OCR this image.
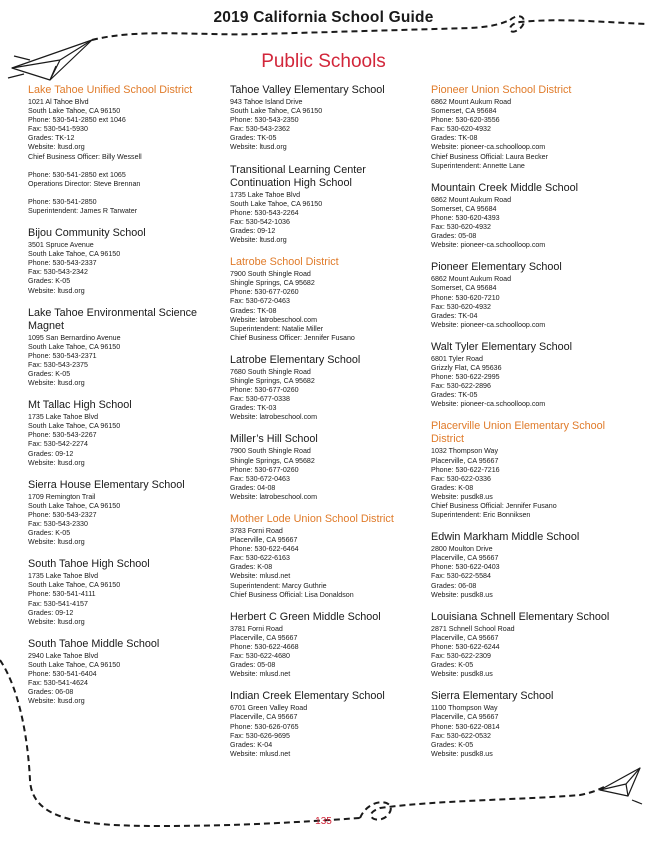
2019 California School Guide
Public Schools
Lake Tahoe Unified School District
1021 Al Tahoe Blvd
South Lake Tahoe, CA 96150
Phone: 530-541-2850 ext 1046
Fax: 530-541-5930
Grades: TK-12
Website: ltusd.org
Chief Business Officer: Billy Wessell
Phone: 530-541-2850 ext 1065
Operations Director: Steve Brennan
Phone: 530-541-2850
Superintendent: James R Tarwater
Bijou Community School
3501 Spruce Avenue
South Lake Tahoe, CA 96150
Phone: 530-543-2337
Fax: 530-543-2342
Grades: K-05
Website: ltusd.org
Lake Tahoe Environmental Science Magnet
1095 San Bernardino Avenue
South Lake Tahoe, CA 96150
Phone: 530-543-2371
Fax: 530-543-2375
Grades: K-05
Website: ltusd.org
Mt Tallac High School
1735 Lake Tahoe Blvd
South Lake Tahoe, CA 96150
Phone: 530-543-2267
Fax: 530-542-2274
Grades: 09-12
Website: ltusd.org
Sierra House Elementary School
1709 Remington Trail
South Lake Tahoe, CA 96150
Phone: 530-543-2327
Fax: 530-543-2330
Grades: K-05
Website: ltusd.org
South Tahoe High School
1735 Lake Tahoe Blvd
South Lake Tahoe, CA 96150
Phone: 530-541-4111
Fax: 530-541-4157
Grades: 09-12
Website: ltusd.org
South Tahoe Middle School
2940 Lake Tahoe Blvd
South Lake Tahoe, CA 96150
Phone: 530-541-6404
Fax: 530-541-4624
Grades: 06-08
Website: ltusd.org
Tahoe Valley Elementary School
943 Tahoe Island Drive
South Lake Tahoe, CA 96150
Phone: 530-543-2350
Fax: 530-543-2362
Grades: TK-05
Website: ltusd.org
Transitional Learning Center Continuation High School
1735 Lake Tahoe Blvd
South Lake Tahoe, CA 96150
Phone: 530-543-2264
Fax: 530-542-1036
Grades: 09-12
Website: ltusd.org
Latrobe School District
7900 South Shingle Road
Shingle Springs, CA 95682
Phone: 530-677-0260
Fax: 530-672-0463
Grades: TK-08
Website: latrobeschool.com
Superintendent: Natalie Miller
Chief Business Officer: Jennifer Fusano
Latrobe Elementary School
7680 South Shingle Road
Shingle Springs, CA 95682
Phone: 530-677-0260
Fax: 530-677-0338
Grades: TK-03
Website: latrobeschool.com
Miller’s Hill School
7900 South Shingle Road
Shingle Springs, CA 95682
Phone: 530-677-0260
Fax: 530-672-0463
Grades: 04-08
Website: latrobeschool.com
Mother Lode Union School District
3783 Forni Road
Placerville, CA 95667
Phone: 530-622-6464
Fax: 530-622-6163
Grades: K-08
Website: mlusd.net
Superintendent: Marcy Guthrie
Chief Business Official: Lisa Donaldson
Herbert C Green Middle School
3781 Forni Road
Placerville, CA 95667
Phone: 530-622-4668
Fax: 530-622-4680
Grades: 05-08
Website: mlusd.net
Indian Creek Elementary School
6701 Green Valley Road
Placerville, CA 95667
Phone: 530-626-0765
Fax: 530-626-9695
Grades: K-04
Website: mlusd.net
Pioneer Union School District
6862 Mount Aukum Road
Somerset, CA 95684
Phone: 530-620-3556
Fax: 530-620-4932
Grades: TK-08
Website: pioneer-ca.schoolloop.com
Chief Business Official: Laura Becker
Superintendent: Annette Lane
Mountain Creek Middle School
6862 Mount Aukum Road
Somerset, CA 95684
Phone: 530-620-4393
Fax: 530-620-4932
Grades: 05-08
Website: pioneer-ca.schoolloop.com
Pioneer Elementary School
6862 Mount Aukum Road
Somerset, CA 95684
Phone: 530-620-7210
Fax: 530-620-4932
Grades: TK-04
Website: pioneer-ca.schoolloop.com
Walt Tyler Elementary School
6801 Tyler Road
Grizzly Flat, CA 95636
Phone: 530-622-2995
Fax: 530-622-2896
Grades: TK-05
Website: pioneer-ca.schoolloop.com
Placerville Union Elementary School District
1032 Thompson Way
Placerville, CA 95667
Phone: 530-622-7216
Fax: 530-622-0336
Grades: K-08
Website: pusdk8.us
Chief Business Official: Jennifer Fusano
Superintendent: Eric Bonniksen
Edwin Markham Middle School
2800 Moulton Drive
Placerville, CA 95667
Phone: 530-622-0403
Fax: 530-622-5584
Grades: 06-08
Website: pusdk8.us
Louisiana Schnell Elementary School
2871 Schnell School Road
Placerville, CA 95667
Phone: 530-622-6244
Fax: 530-622-2309
Grades: K-05
Website: pusdk8.us
Sierra Elementary School
1100 Thompson Way
Placerville, CA 95667
Phone: 530-622-0814
Fax: 530-622-0532
Grades: K-05
Website: pusdk8.us
135
